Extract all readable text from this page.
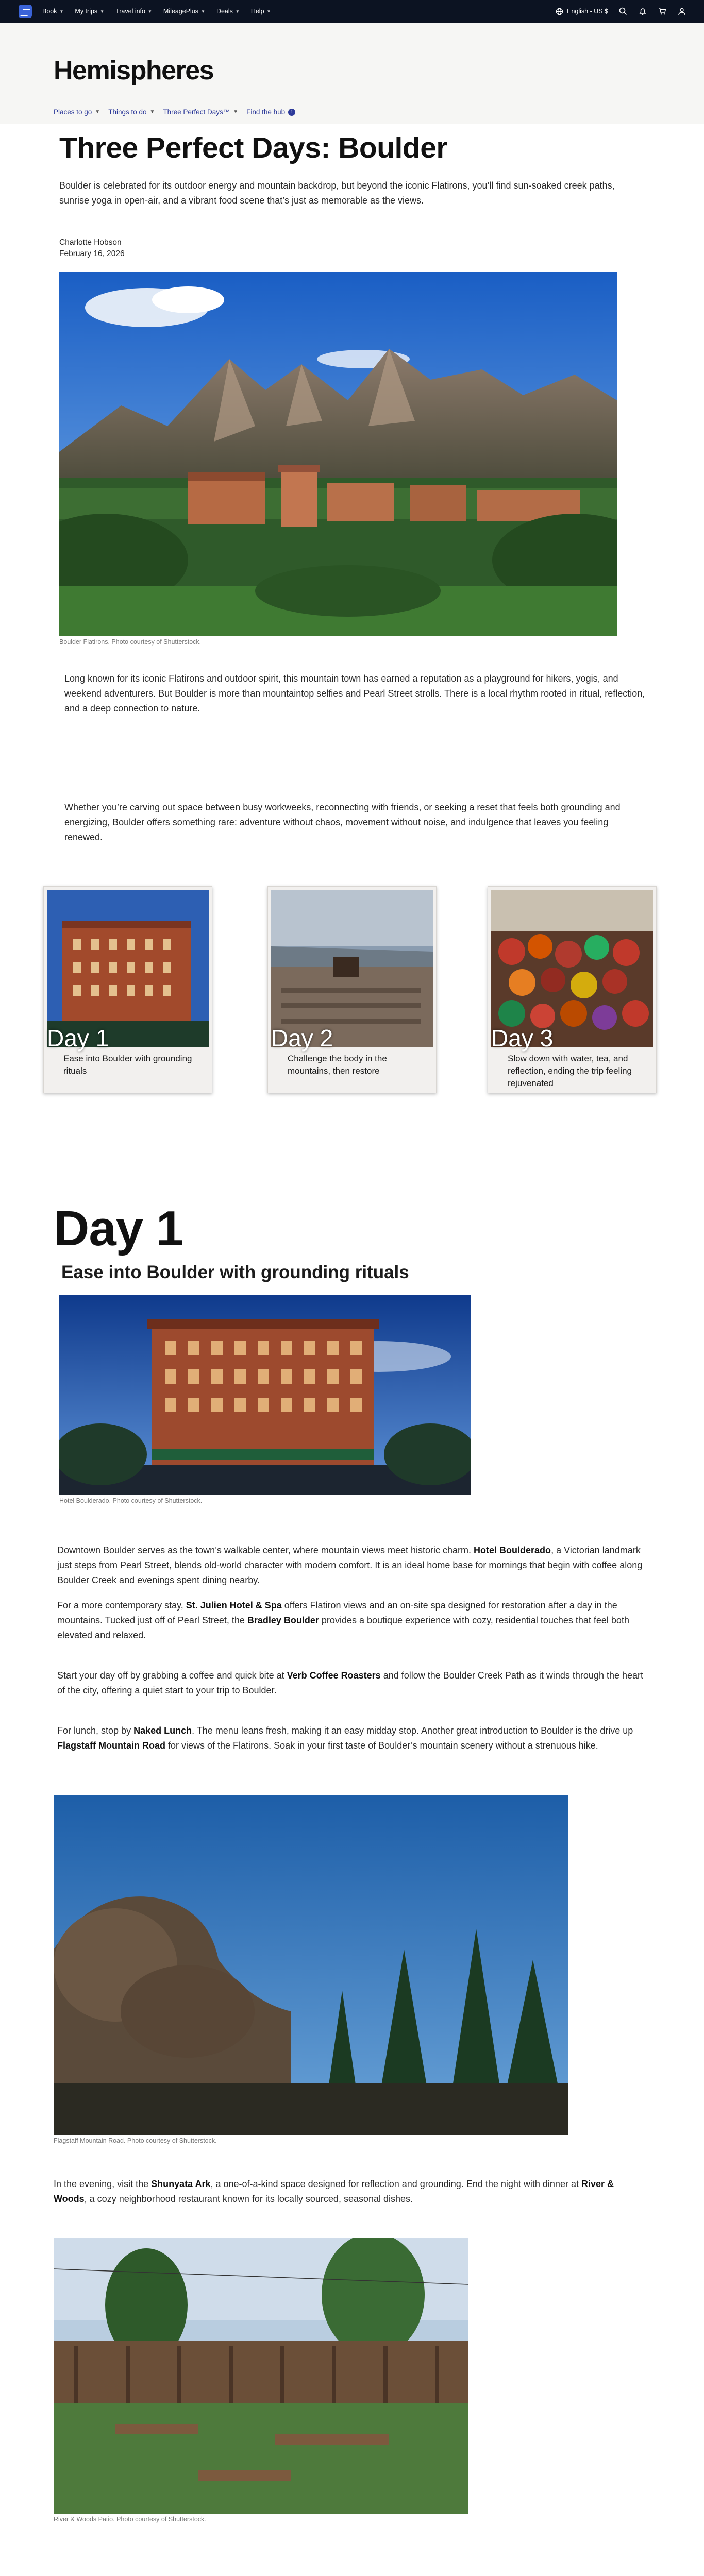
Book ▼ My trips ▼ Travel info ▼ MileagePlus ▼ Deals ▼ Help ▼	English - US $
Hemispheres
Places to go ▼ Things to do ▼ Three Perfect Days™ ▼ Find the hub	1
Three Perfect Days: Boulder

Boulder is celebrated for its outdoor energy and mountain backdrop, but beyond the iconic Flatirons, you’ll find sun-soaked creek paths, sunrise yoga in open-air, and a vibrant food scene that’s just as memorable as the views.

Charlotte Hobson
February 16, 2026
Boulder Flatirons. Photo courtesy of Shutterstock.

Long known for its iconic Flatirons and outdoor spirit, this mountain town has earned a reputation as a playground for hikers, yogis, and weekend adventurers. But Boulder is more than mountaintop selfies and Pearl Street strolls. There is a local rhythm rooted in ritual, reflection, and a deep connection to nature.

Whether you’re carving out space between busy workweeks, reconnecting with friends, or seeking a reset that feels both grounding and energizing, Boulder offers something rare: adventure without chaos, movement without noise, and indulgence that leaves you feeling renewed.

Day 1
Ease into Boulder with grounding rituals
Day 2
Challenge the body in the mountains, then restore
Day 3
Slow down with water, tea, and reflection, ending the trip feeling rejuvenated
Day 1
Ease into Boulder with grounding rituals
Hotel Boulderado. Photo courtesy of Shutterstock.

Downtown Boulder serves as the town’s walkable center, where mountain views meet historic charm. Hotel Boulderado, a Victorian landmark just steps from Pearl Street, blends old-world character with modern comfort. It is an ideal home base for mornings that begin with coffee along Boulder Creek and evenings spent dining nearby.

For a more contemporary stay, St. Julien Hotel & Spa offers Flatiron views and an on-site spa designed for restoration after a day in the mountains. Tucked just off of Pearl Street, the Bradley Boulder provides a boutique experience with cozy, residential touches that feel both elevated and relaxed.

Start your day off by grabbing a coffee and quick bite at Verb Coffee Roasters and follow the Boulder Creek Path as it winds through the heart of the city, offering a quiet start to your trip to Boulder.

For lunch, stop by Naked Lunch. The menu leans fresh, making it an easy midday stop. Another great introduction to Boulder is the drive up Flagstaff Mountain Road for views of the Flatirons. Soak in your first taste of Boulder’s mountain scenery without a strenuous hike.

Flagstaff Mountain Road. Photo courtesy of Shutterstock.

In the evening, visit the Shunyata Ark, a one-of-a-kind space designed for reflection and grounding. End the night with dinner at River & Woods, a cozy neighborhood restaurant known for its locally sourced, seasonal dishes.

River & Woods Patio. Photo courtesy of Shutterstock.
